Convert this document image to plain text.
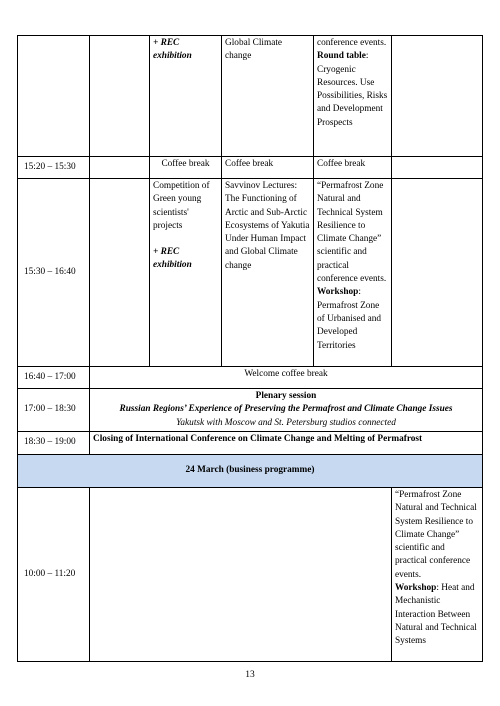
		+ REC
exhibition	Global Climate change	conference events.
Round table: Cryogenic Resources. Use Possibilities, Risks and Development Prospects	
15:20 – 15:30		Coffee break	Coffee break	Coffee break	
15:30 – 16:40		Competition of Green young scientists' projects
+ REC
exhibition	Savvinov Lectures: The Functioning of Arctic and Sub-Arctic Ecosystems of Yakutia Under Human Impact and Global Climate change	“Permafrost Zone Natural and Technical System Resilience to Climate Change” scientific and practical conference events.
Workshop: Permafrost Zone of Urbanised and Developed Territories	
16:40 – 17:00	Welcome coffee break				
17:00 – 18:30	Plenary session
Russian Regions’ Experience of Preserving the Permafrost and Climate Change Issues
Yakutsk with Moscow and St. Petersburg studios connected				

18:30 – 19:00	Closing of International Conference on Climate Change and Melting of Permafrost				
24 March (business programme)					
10:00 – 11:20					“Permafrost Zone Natural and Technical System Resilience to Climate Change” scientific and practical conference events.
Workshop: Heat and Mechanistic Interaction Between Natural and Technical Systems
13
